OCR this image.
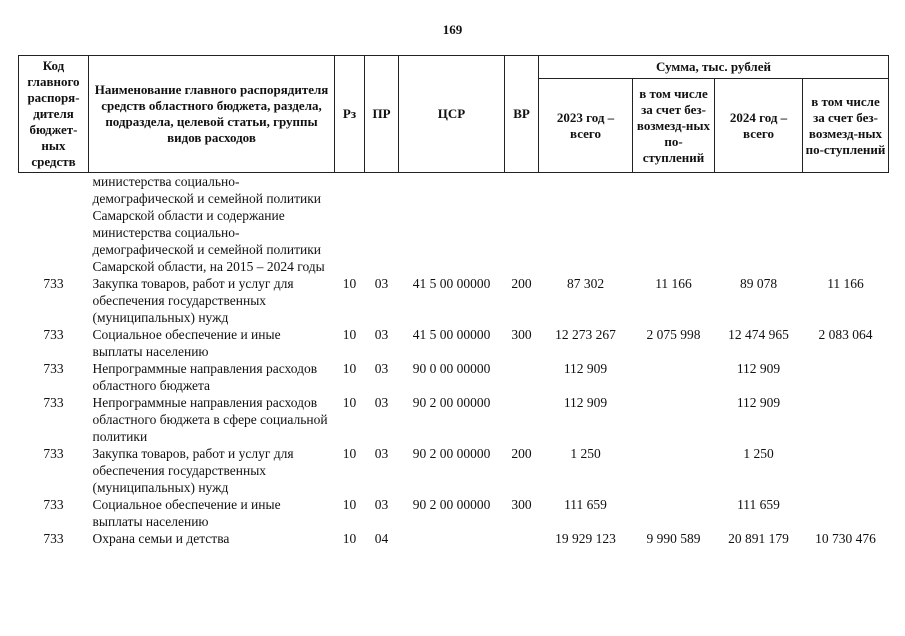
169
Код главного распоря-дителя бюджет-ных средств	Наименование главного распорядителя средств областного бюджета, раздела, подраздела, целевой статьи, группы видов расходов	Рз	ПР	ЦСР	ВР	Сумма, тыс. рублей			
						2023 год – всего	в том числе за счет без-возмезд-ных по-ступлений	2024 год – всего	в том числе за счет без-возмезд-ных по-ступлений
	министерства социально-демографической и семейной политики Самарской области и содержание министерства социально-демографической и семейной политики Самарской области, на 2015 – 2024 годы								
733	Закупка товаров, работ и услуг для обеспечения государственных (муниципальных) нужд	10	03	41 5 00 00000	200	87 302	11 166	89 078	11 166
733	Социальное обеспечение и иные выплаты населению	10	03	41 5 00 00000	300	12 273 267	2 075 998	12 474 965	2 083 064
733	Непрограммные направления расходов областного бюджета	10	03	90 0 00 00000		112 909		112 909	
733	Непрограммные направления расходов областного бюджета в сфере социальной политики	10	03	90 2 00 00000		112 909		112 909	
733	Закупка товаров, работ и услуг для обеспечения государственных (муниципальных) нужд	10	03	90 2 00 00000	200	1 250		1 250	
733	Социальное обеспечение и иные выплаты населению	10	03	90 2 00 00000	300	111 659		111 659	
733	Охрана семьи и детства	10	04			19 929 123	9 990 589	20 891 179	10 730 476
